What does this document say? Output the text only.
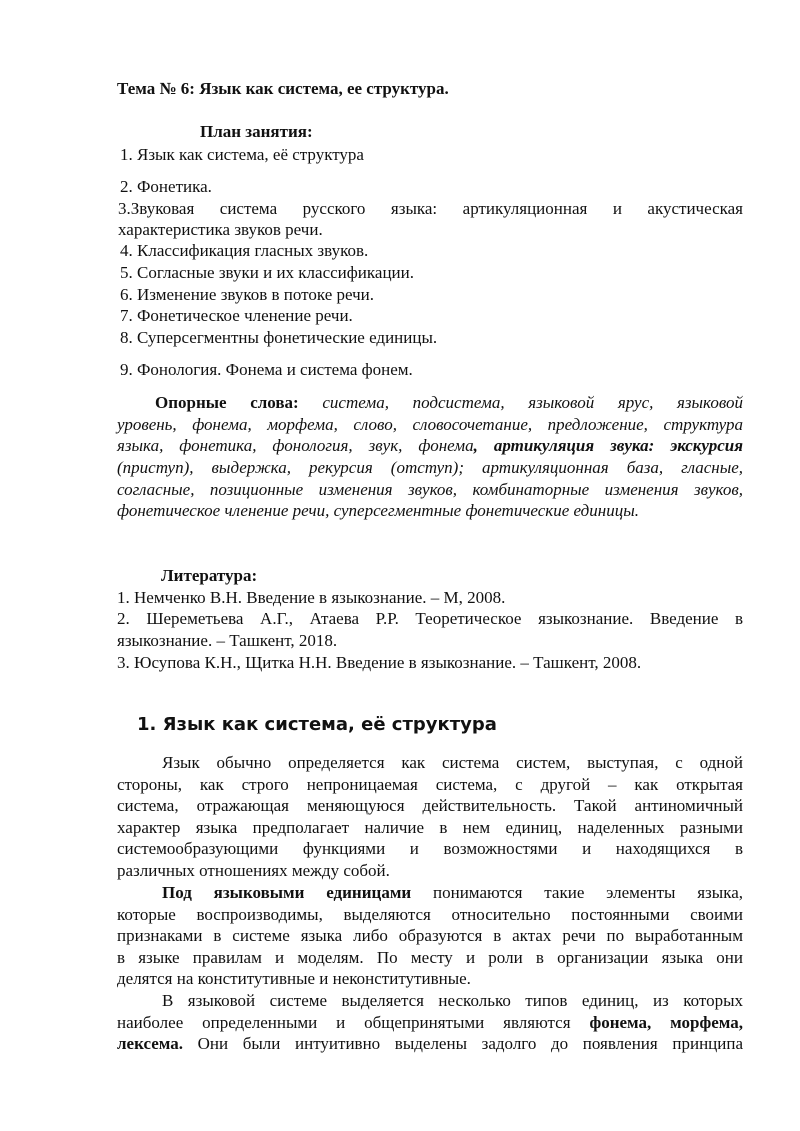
Тема № 6: Язык как система, ее структура.
План занятия:
1. Язык как система, её структура
2. Фонетика.
3.Звуковая система русского языка: артикуляционная и акустическая
характеристика звуков речи.
4. Классификация гласных звуков.
5. Согласные звуки и их классификации.
6. Изменение звуков в потоке речи.
7. Фонетическое членение речи.
8. Суперсегментны фонетические единицы.
9. Фонология. Фонема и система фонем.
Опорные слова: система, подсистема, языковой ярус, языковой
уровень, фонема, морфема, слово, словосочетание, предложение, структура
языка, фонетика, фонология, звук, фонема, артикуляция звука: экскурсия
(приступ), выдержка, рекурсия (отступ); артикуляционная база, гласные,
согласные, позиционные изменения звуков, комбинаторные изменения звуков,
фонетическое членение речи, суперсегментные фонетические единицы.
Литература:
1. Немченко В.Н. Введение в языкознание. – М, 2008.
2. Шереметьева А.Г., Атаева Р.Р. Теоретическое языкознание. Введение в
языкознание. – Ташкент, 2018.
3. Юсупова К.Н., Щитка Н.Н. Введение в языкознание. – Ташкент, 2008.
1. Язык как система, её структура
Язык обычно определяется как система систем, выступая, с одной
стороны, как строго непроницаемая система, с другой – как открытая
система, отражающая меняющуюся действительность. Такой антиномичный
характер языка предполагает наличие в нем единиц, наделенных разными
системообразующими функциями и возможностями и находящихся в
различных отношениях между собой.
Под языковыми единицами понимаются такие элементы языка,
которые воспроизводимы, выделяются относительно постоянными своими
признаками в системе языка либо образуются в актах речи по выработанным
в языке правилам и моделям. По месту и роли в организации языка они
делятся на конститутивные и неконститутивные.
В языковой системе выделяется несколько типов единиц, из которых
наиболее определенными и общепринятыми являются фонема, морфема,
лексема. Они были интуитивно выделены задолго до появления принципа
